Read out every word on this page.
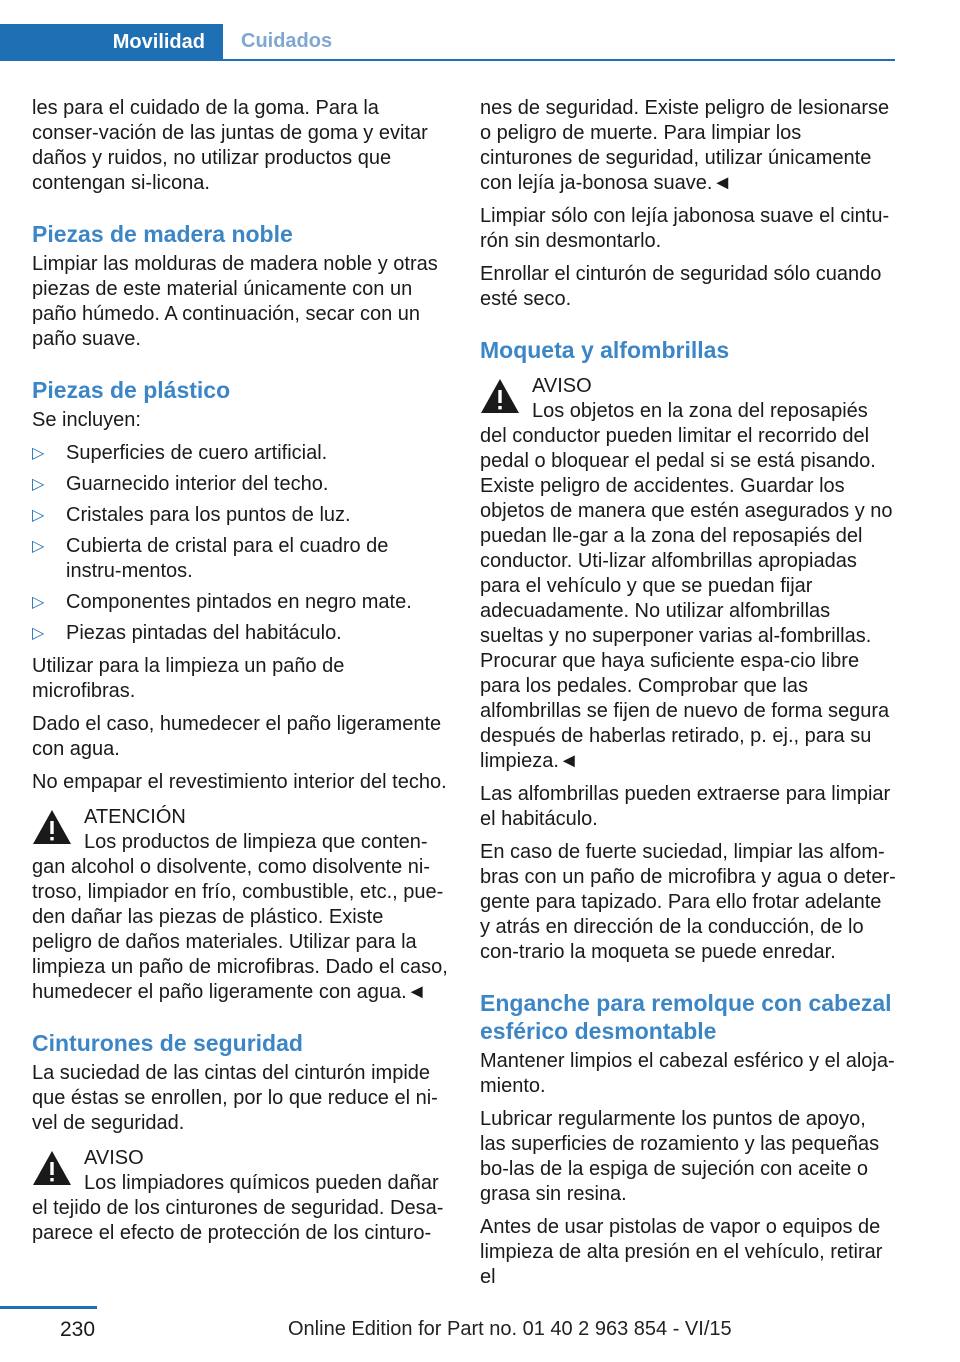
Movilidad	Cuidados

les para el cuidado de la goma. Para la conser-vación de las juntas de goma y evitar daños y ruidos, no utilizar productos que contengan si-licona.

Piezas de madera noble

Limpiar las molduras de madera noble y otras piezas de este material únicamente con un paño húmedo. A continuación, secar con un paño suave.

Piezas de plástico

Se incluyen:

▷ Superficies de cuero artificial.
▷ Guarnecido interior del techo.
▷ Cristales para los puntos de luz.
▷ Cubierta de cristal para el cuadro de instru-mentos.
▷ Componentes pintados en negro mate.
▷ Piezas pintadas del habitáculo.

Utilizar para la limpieza un paño de microfibras.

Dado el caso, humedecer el paño ligeramente con agua.

No empapar el revestimiento interior del techo.

ATENCIÓN
Los productos de limpieza que conten-gan alcohol o disolvente, como disolvente ni-troso, limpiador en frío, combustible, etc., pue-den dañar las piezas de plástico. Existe peligro de daños materiales. Utilizar para la limpieza un paño de microfibras. Dado el caso, humedecer el paño ligeramente con agua.◄
Cinturones de seguridad

La suciedad de las cintas del cinturón impide que éstas se enrollen, por lo que reduce el ni-vel de seguridad.

AVISO
Los limpiadores químicos pueden dañar el tejido de los cinturones de seguridad. Desa-parece el efecto de protección de los cinturo-

nes de seguridad. Existe peligro de lesionarse o peligro de muerte. Para limpiar los cinturones de seguridad, utilizar únicamente con lejía ja-bonosa suave.◄

Limpiar sólo con lejía jabonosa suave el cintu-rón sin desmontarlo.

Enrollar el cinturón de seguridad sólo cuando esté seco.

Moqueta y alfombrillas
AVISO
Los objetos en la zona del reposapiés del conductor pueden limitar el recorrido del pedal o bloquear el pedal si se está pisando. Existe peligro de accidentes. Guardar los objetos de manera que estén asegurados y no puedan lle-gar a la zona del reposapiés del conductor. Uti-lizar alfombrillas apropiadas para el vehículo y que se puedan fijar adecuadamente. No utilizar alfombrillas sueltas y no superponer varias al-fombrillas. Procurar que haya suficiente espa-cio libre para los pedales. Comprobar que las alfombrillas se fijen de nuevo de forma segura después de haberlas retirado, p. ej., para su limpieza.◄

Las alfombrillas pueden extraerse para limpiar el habitáculo.

En caso de fuerte suciedad, limpiar las alfom-bras con un paño de microfibra y agua o deter-gente para tapizado. Para ello frotar adelante y atrás en dirección de la conducción, de lo con-trario la moqueta se puede enredar.

Enganche para remolque con cabezal esférico desmontable

Mantener limpios el cabezal esférico y el aloja-miento.

Lubricar regularmente los puntos de apoyo, las superficies de rozamiento y las pequeñas bo-las de la espiga de sujeción con aceite o grasa sin resina.

Antes de usar pistolas de vapor o equipos de limpieza de alta presión en el vehículo, retirar el

230	Online Edition for Part no. 01 40 2 963 854 - VI/15
